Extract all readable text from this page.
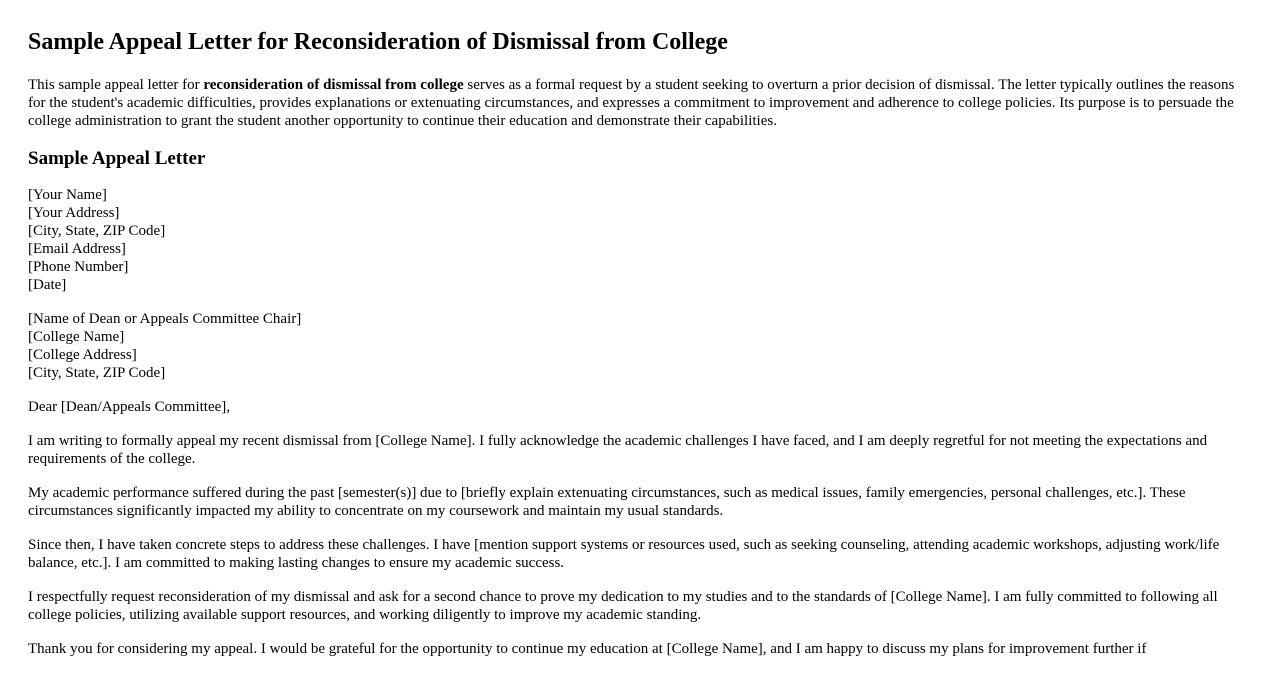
Sample Appeal Letter for Reconsideration of Dismissal from College

This sample appeal letter for reconsideration of dismissal from college serves as a formal request by a student seeking to overturn a prior decision of dismissal. The letter typically outlines the reasons for the student's academic difficulties, provides explanations or extenuating circumstances, and expresses a commitment to improvement and adherence to college policies. Its purpose is to persuade the college administration to grant the student another opportunity to continue their education and demonstrate their capabilities.

Sample Appeal Letter
[Your Name]
[Your Address]
[City, State, ZIP Code]
[Email Address]
[Phone Number]
[Date]
[Name of Dean or Appeals Committee Chair]
[College Name]
[College Address]
[City, State, ZIP Code]

Dear [Dean/Appeals Committee],

I am writing to formally appeal my recent dismissal from [College Name]. I fully acknowledge the academic challenges I have faced, and I am deeply regretful for not meeting the expectations and requirements of the college.

My academic performance suffered during the past [semester(s)] due to [briefly explain extenuating circumstances, such as medical issues, family emergencies, personal challenges, etc.]. These circumstances significantly impacted my ability to concentrate on my coursework and maintain my usual standards.

Since then, I have taken concrete steps to address these challenges. I have [mention support systems or resources used, such as seeking counseling, attending academic workshops, adjusting work/life balance, etc.]. I am committed to making lasting changes to ensure my academic success.

I respectfully request reconsideration of my dismissal and ask for a second chance to prove my dedication to my studies and to the standards of [College Name]. I am fully committed to following all college policies, utilizing available support resources, and working diligently to improve my academic standing.

Thank you for considering my appeal. I would be grateful for the opportunity to continue my education at [College Name], and I am happy to discuss my plans for improvement further if
